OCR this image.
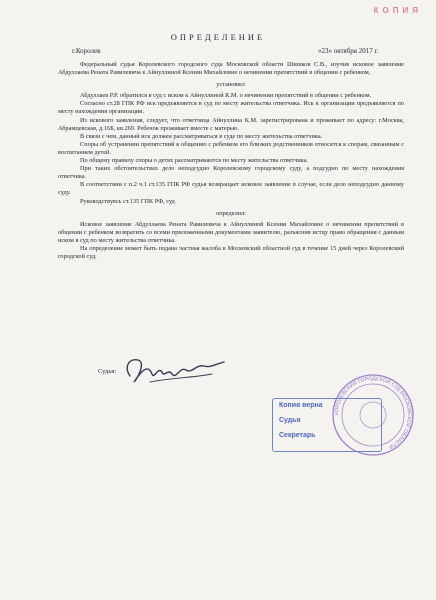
КОПИЯ
ОПРЕДЕЛЕНИЕ
г.Королев	«23» октября 2017 г.

Федеральный судья Королевского городского суда Московской области Шишков С.В., изучив исковое заявление Абдуллаева Рената Равилевича к Айнуллиной Ксении Михайловне о нечинении препятствий в общении с ребенком,

установил:

Абдуллаев Р.Р. обратился в суд с иском к Айнуллиной К.М. о нечинении препятствий в общении с ребенком.

Согласно ст.28 ГПК РФ иск предъявляется в суд по месту жительства ответчика. Иск к организации предъявляется по месту нахождения организации.

Из искового заявления, следует, что ответчица Айнуллина К.М. зарегистрирована и проживает по адресу: г.Москва, Абрамцевская, д.16Б, кв.269. Ребенок проживает вместе с матерью.

В связи с чем, данный иск должен рассматриваться в суде по месту жительства ответчика.

Споры об устранении препятствий к общению с ребенком его близких родственников относятся к спорам, связанным с воспитанием детей.

По общему правилу споры о детях рассматриваются по месту жительства ответчика.

При таких обстоятельствах дело неподсудно Королевскому городскому суду, а подсудно по месту нахождения ответчика.

В соответствии с п.2 ч.1 ст.135 ГПК РФ судья возвращает исковое заявление в случае, если дело неподсудно данному суду.

Руководствуясь ст.135 ГПК РФ, суд

определил:

Исковое заявление Абдуллаева Рената Равилевича к Айнуллиной Ксении Михайловне о нечинении препятствий в общении с ребенком возвратить со всеми приложенными документами заявителю, разъяснив истцу право обращения с данным иском в суд по месту жительства ответчика.

На определение может быть подана частная жалоба в Московский областной суд в течение 15 дней через Королевский городской суд.

Судья:
КОРОЛЕВСКИЙ ГОРОДСКОЙ СУД МОСКОВСКОЙ ОБЛАСТИ
Копия верна
Судья
Секретарь
